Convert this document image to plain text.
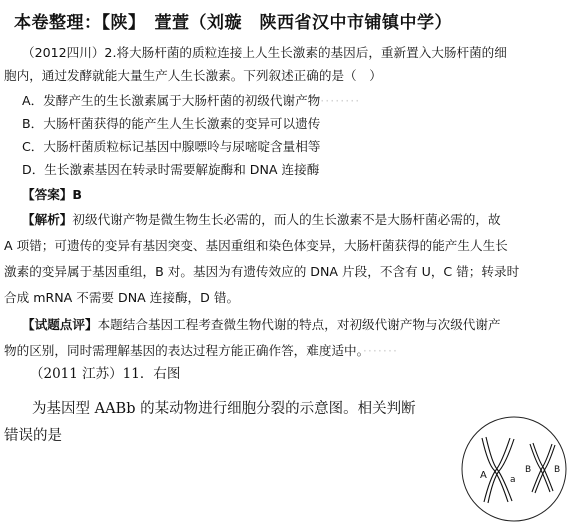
本卷整理：【陕】　萱萱（刘璇　陕西省汉中市铺镇中学）
（2012四川）2.将大肠杆菌的质粒连接上人生长激素的基因后，重新置入大肠杆菌的细
胞内，通过发酵就能大量生产人生长激素。下列叙述正确的是（　）
A．发酵产生的生长激素属于大肠杆菌的初级代谢产物········
B．大肠杆菌获得的能产生人生长激素的变异可以遗传
C．大肠杆菌质粒标记基因中腺嘌呤与尿嘧啶含量相等
D．生长激素基因在转录时需要解旋酶和 DNA 连接酶
【答案】B
【解析】初级代谢产物是微生物生长必需的，而人的生长激素不是大肠杆菌必需的，故
A 项错；可遗传的变异有基因突变、基因重组和染色体变异，大肠杆菌获得的能产生人生长
激素的变异属于基因重组，B 对。基因为有遗传效应的 DNA 片段，不含有 U，C 错；转录时
合成 mRNA 不需要 DNA 连接酶，D 错。
【试题点评】本题结合基因工程考查微生物代谢的特点，对初级代谢产物与次级代谢产
物的区别，同时需理解基因的表达过程方能正确作答，难度适中。·······
（2011 江苏）11．右图
为基因型 AABb 的某动物进行细胞分裂的示意图。相关判断
错误的是
A	a
B	B
